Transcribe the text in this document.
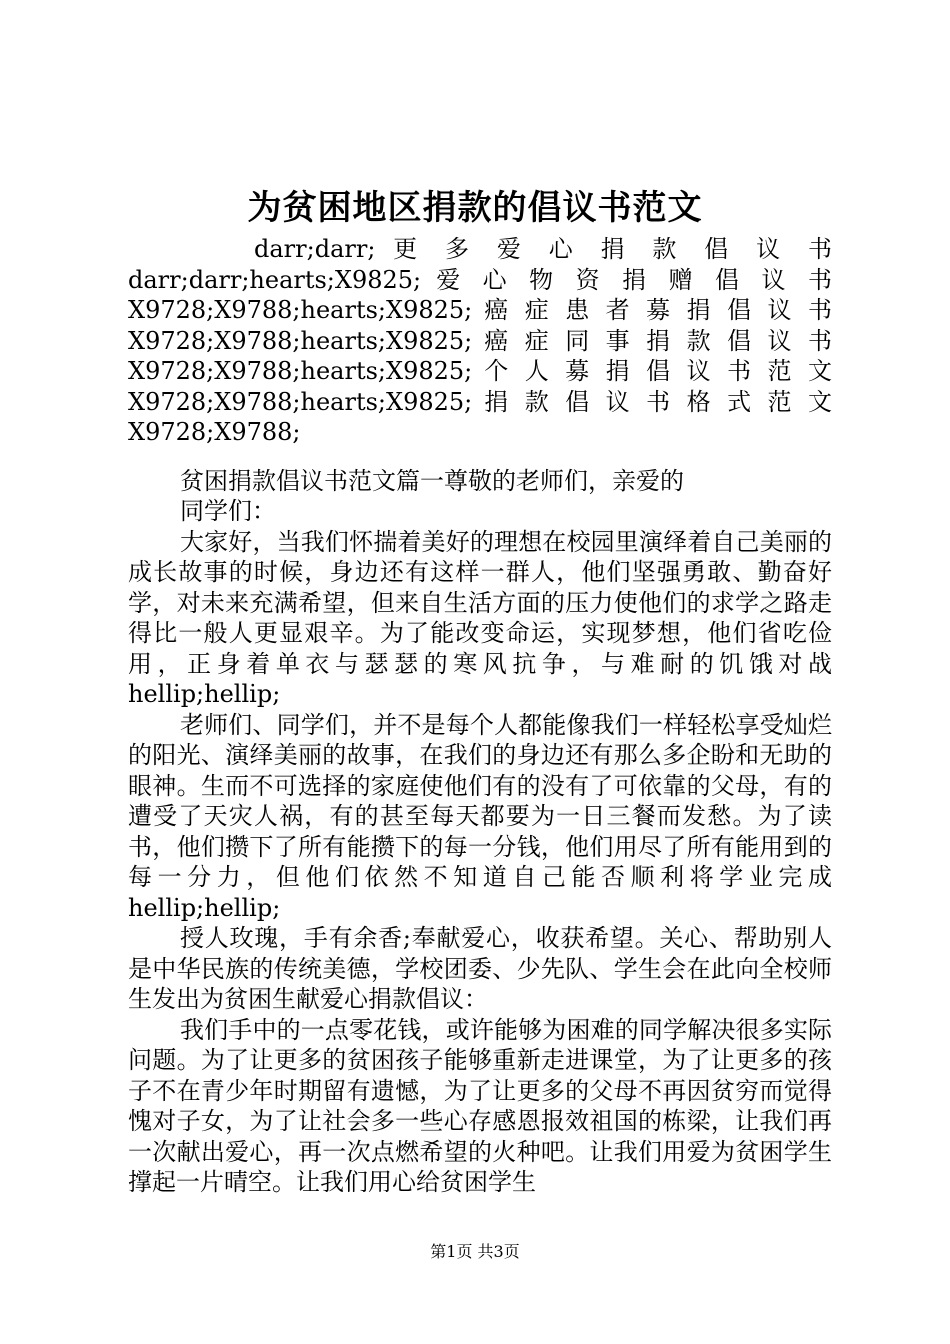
为贫困地区捐款的倡议书范文
darr;darr; 更 多 爱 心 捐 款 倡 议 书
darr;darr;hearts;X9825; 爱 心 物 资 捐 赠 倡 议 书
X9728;X9788;hearts;X9825; 癌 症 患 者 募 捐 倡 议 书
X9728;X9788;hearts;X9825; 癌 症 同 事 捐 款 倡 议 书
X9728;X9788;hearts;X9825; 个 人 募 捐 倡 议 书 范 文
X9728;X9788;hearts;X9825; 捐 款 倡 议 书 格 式 范 文
X9728;X9788;

贫困捐款倡议书范文篇一尊敬的老师们，亲爱的

同学们：

大家好，当我们怀揣着美好的理想在校园里演绎着自己美丽的成长故事的时候，身边还有这样一群人，他们坚强勇敢、勤奋好学，对未来充满希望，但来自生活方面的压力使他们的求学之路走得比一般人更显艰辛。为了能改变命运，实现梦想，他们省吃俭用，正身着单衣与瑟瑟的寒风抗争，与难耐的饥饿对战hellip;hellip;

老师们、同学们，并不是每个人都能像我们一样轻松享受灿烂的阳光、演绎美丽的故事，在我们的身边还有那么多企盼和无助的眼神。生而不可选择的家庭使他们有的没有了可依靠的父母，有的遭受了天灾人祸，有的甚至每天都要为一日三餐而发愁。为了读书，他们攒下了所有能攒下的每一分钱，他们用尽了所有能用到的每一分力，但他们依然不知道自己能否顺利将学业完成hellip;hellip;

授人玫瑰，手有余香;奉献爱心，收获希望。关心、帮助别人是中华民族的传统美德，学校团委、少先队、学生会在此向全校师生发出为贫困生献爱心捐款倡议：

我们手中的一点零花钱，或许能够为困难的同学解决很多实际问题。为了让更多的贫困孩子能够重新走进课堂，为了让更多的孩子不在青少年时期留有遗憾，为了让更多的父母不再因贫穷而觉得愧对子女，为了让社会多一些心存感恩报效祖国的栋梁，让我们再一次献出爱心，再一次点燃希望的火种吧。让我们用爱为贫困学生撑起一片晴空。让我们用心给贫困学生

第1页 共3页
